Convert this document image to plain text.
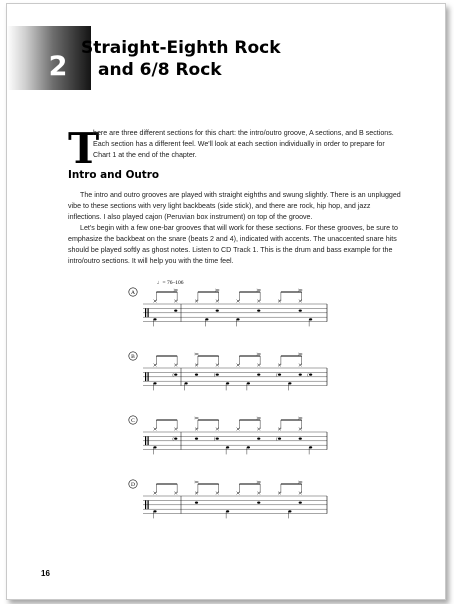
2
Straight-Eighth Rock
and 6/8 Rock
T

here are three different sections for this chart: the intro/outro groove, A sections, and B sections. Each section has a different feel. We'll look at each section individually in order to prepare for Chart 1 at the end of the chapter.

Intro and Outro

The intro and outro grooves are played with straight eighths and swung slightly. There is an unplugged vibe to these sections with very light backbeats (side stick), and there are rock, hip hop, and jazz inflections. I also played cajon (Peruvian box instrument) on top of the groove.

Let's begin with a few one-bar grooves that will work for these sections. For these grooves, be sure to emphasize the backbeat on the snare (beats 2 and 4), indicated with accents. The unaccented snare hits should be played softly as ghost notes. Listen to CD Track 1. This is the drum and bass example for the intro/outro sections. It will help you with the time feel.

♩= 76–106
A
B
(	(	(	(
C
(	(	(
D
16
